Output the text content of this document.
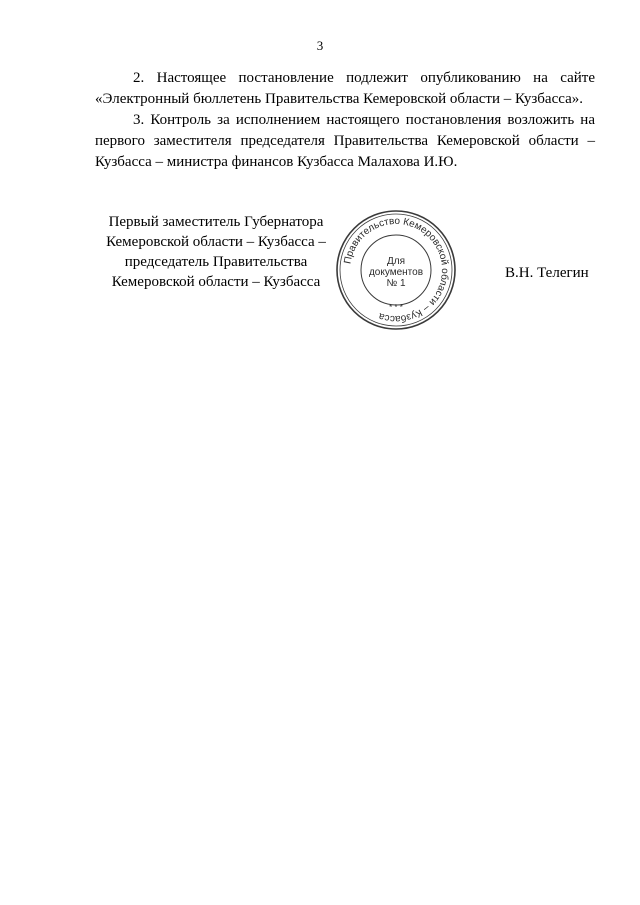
3

2. Настоящее постановление подлежит опубликованию на сайте «Электронный бюллетень Правительства Кемеровской области – Кузбасса».

3. Контроль за исполнением настоящего постановления возложить на первого заместителя председателя Правительства Кемеровской области – Кузбасса – министра финансов Кузбасса Малахова И.Ю.

Первый заместитель Губернатора
Кемеровской области – Кузбасса –
председатель Правительства
Кемеровской области – Кузбасса
Правительство Кемеровской области – Кузбасса
* * *
Для
документов
№ 1
В.Н. Телегин
